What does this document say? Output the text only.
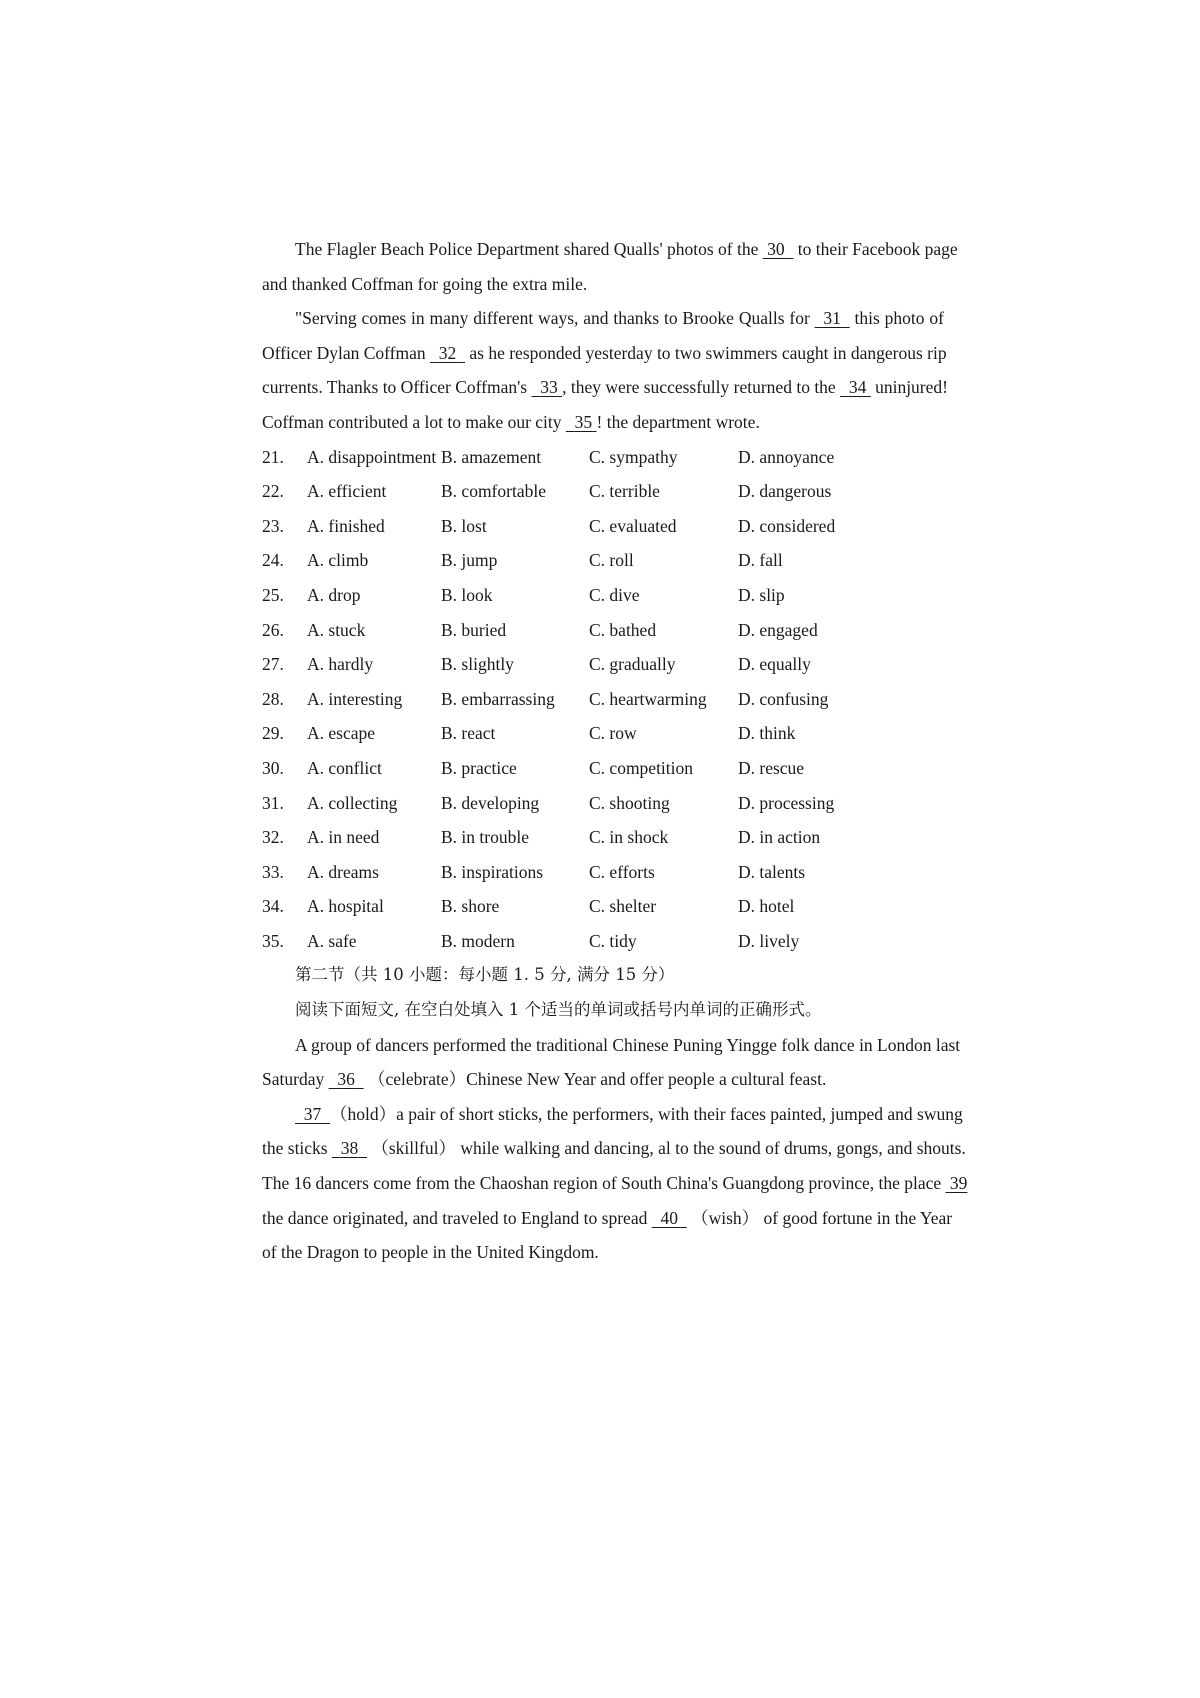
The Flagler Beach Police Department shared Qualls' photos of the  30   to their Facebook page
and thanked Coffman for going the extra mile.
"Serving comes in many different ways, and thanks to Brooke Qualls for   31   this photo of
Officer Dylan Coffman   32   as he responded yesterday to two swimmers caught in dangerous rip
currents. Thanks to Officer Coffman's   33 , they were successfully returned to the   34  uninjured!
Coffman contributed a lot to make our city   35 ! the department wrote.
21. A. disappointment B. amazement	C. sympathy	D. annoyance
22. A. efficient	B. comfortable C. terrible	D. dangerous
23. A. finished	B. lost	C. evaluated	D. considered
24. A. climb	B. jump	C. roll	D. fall
25. A. drop	B. look	C. dive	D. slip
26. A. stuck	B. buried	C. bathed	D. engaged
27. A. hardly	B. slightly	C. gradually	D. equally
28. A. interesting B. embarrassing C. heartwarming D. confusing
29. A. escape	B. react	C. row	D. think
30. A. conflict	B. practice	C. competition	D. rescue
31. A. collecting B. developing	C. shooting	D. processing
32. A. in need	B. in trouble	C. in shock	D. in action
33. A. dreams	B. inspirations	C. efforts	D. talents
34. A. hospital	B. shore	C. shelter	D. hotel
35. A. safe	B. modern	C. tidy	D. lively
第二节（共 10 小题：每小题 1. 5 分, 满分 15 分）
阅读下面短文, 在空白处填入 1 个适当的单词或括号内单词的正确形式。
A group of dancers performed the traditional Chinese Puning Yingge folk dance in London last
Saturday   36   （celebrate）Chinese New Year and offer people a cultural feast.
37 （hold）a pair of short sticks, the performers, with their faces painted, jumped and swung
the sticks   38   （skillful） while walking and dancing, al to the sound of drums, gongs, and shouts.
The 16 dancers come from the Chaoshan region of South China's Guangdong province, the place  39
the dance originated, and traveled to England to spread   40   （wish） of good fortune in the Year
of the Dragon to people in the United Kingdom.
